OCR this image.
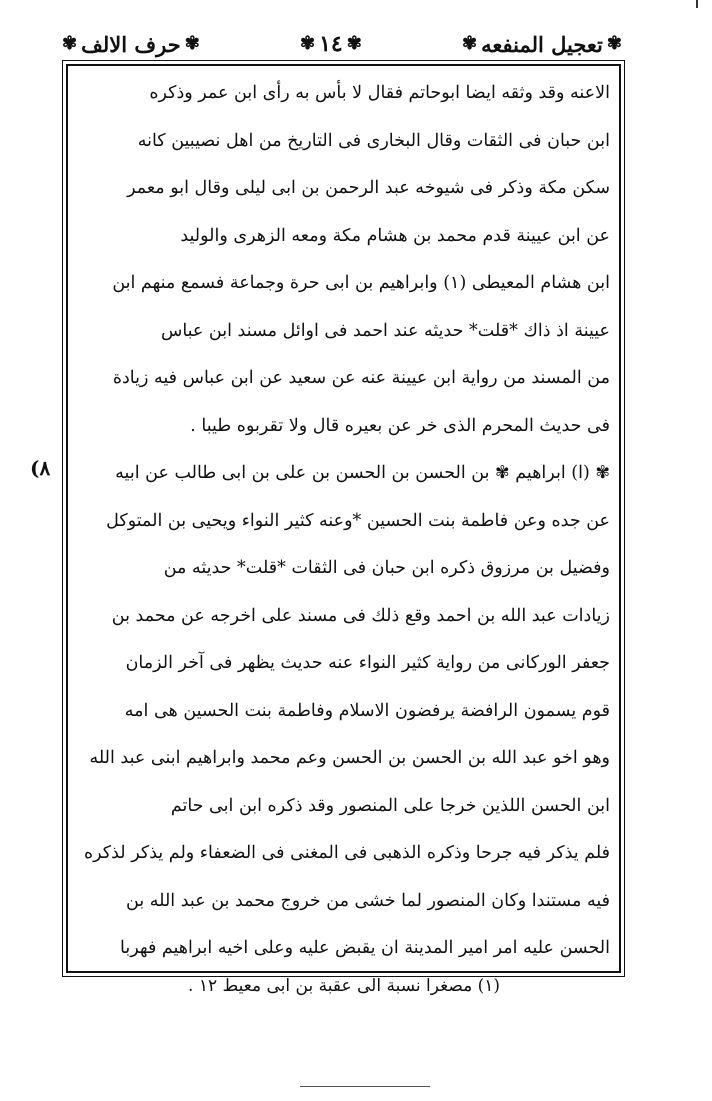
✾
تعجيل المنفعه
✾
✾
١٤
✾
✾
حرف الالف
✾
٨)
الاعنه وقد وثقه ايضا ابوحاتم فقال لا بأس به رأى ابن عمر وذكره
ابن حبان فى الثقات وقال البخارى فى التاريخ من اهل نصيبين كانه
سكن مكة وذكر فى شيوخه عبد الرحمن بن ابى ليلى وقال ابو معمر
عن ابن عيينة قدم محمد بن هشام مكة ومعه الزهرى والوليد
ابن هشام المعيطى (١) وابراهيم بن ابى حرة وجماعة فسمع منهم ابن
عيينة اذ ذاك *قلت* حديثه عند احمد فى اوائل مسند ابن عباس
من المسند من رواية ابن عيينة عنه عن سعيد عن ابن عباس فيه زيادة
فى حديث المحرم الذى خر عن بعيره قال ولا تقربوه طيبا .
✾ (ا) ابراهيم ✾ بن الحسن بن الحسن بن على بن ابى طالب عن ابيه
عن جده وعن فاطمة بنت الحسين *وعنه كثير النواء ويحيى بن المتوكل
وفضيل بن مرزوق ذكره ابن حبان فى الثقات *قلت* حديثه من
زيادات عبد الله بن احمد وقع ذلك فى مسند على اخرجه عن محمد بن
جعفر الوركانى من رواية كثير النواء عنه حديث يظهر فى آخر الزمان
قوم يسمون الرافضة يرفضون الاسلام وفاطمة بنت الحسين هى امه
وهو اخو عبد الله بن الحسن بن الحسن وعم محمد وابراهيم ابنى عبد الله
ابن الحسن اللذين خرجا على المنصور وقد ذكره ابن ابى حاتم
فلم يذكر فيه جرحا وذكره الذهبى فى المغنى فى الضعفاء ولم يذكر لذكره
فيه مستندا وكان المنصور لما خشى من خروج محمد بن عبد الله بن
الحسن عليه امر امير المدينة ان يقبض عليه وعلى اخيه ابراهيم فهربا
(١) مصغرا نسبة الى عقبة بن ابى معيط ١٢ .
